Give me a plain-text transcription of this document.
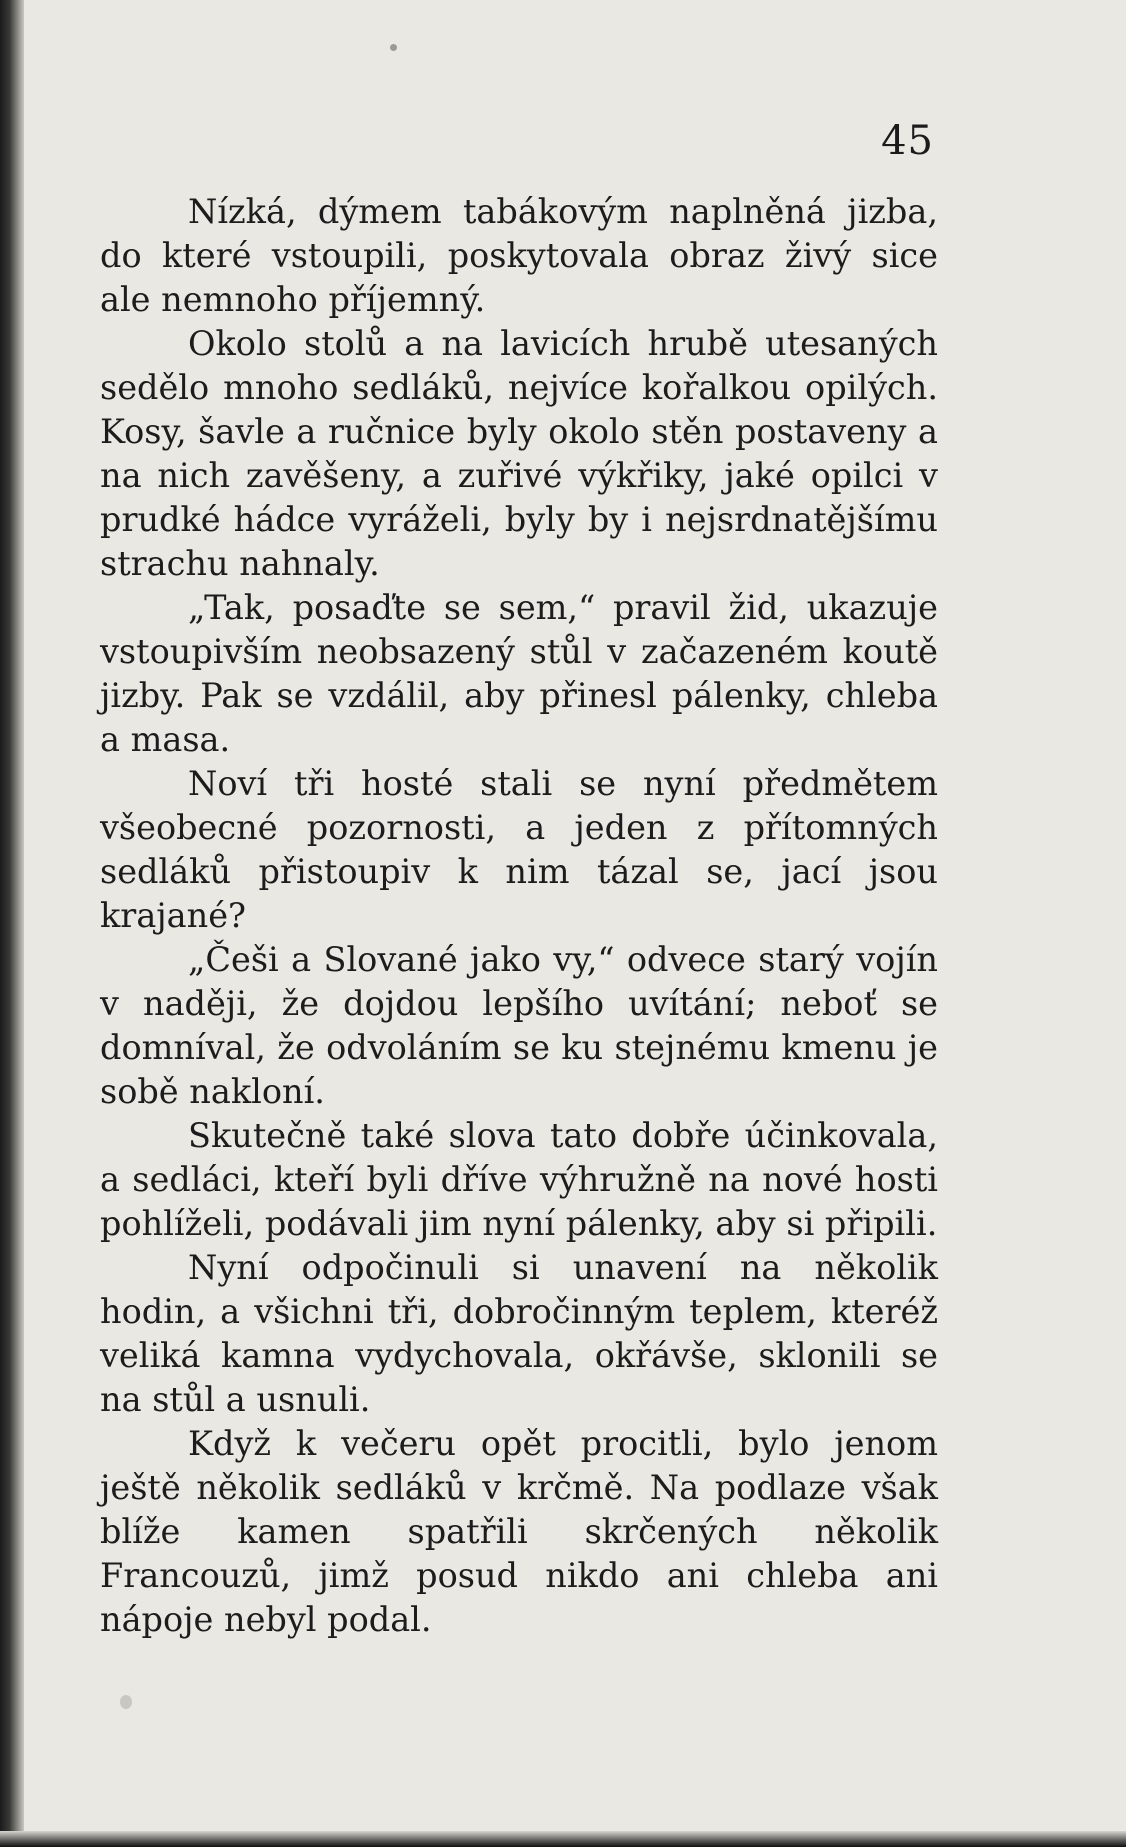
45

Nízká, dýmem tabákovým naplněná jizba, do které vstoupili, poskytovala obraz živý sice ale nemnoho příjemný.

Okolo stolů a na lavicích hrubě utesaných sedělo mnoho sedláků, nejvíce kořalkou opilých. Kosy, šavle a ručnice byly okolo stěn postaveny a na nich zavěšeny, a zuřivé výkřiky, jaké opilci v prudké hádce vyráželi, byly by i nejsrdnatějšímu strachu nahnaly.

„Tak, posaďte se sem,“ pravil žid, ukazuje vstoupivším neobsazený stůl v začazeném koutě jizby. Pak se vzdálil, aby přinesl pálenky, chleba a masa.

Noví tři hosté stali se nyní předmětem všeobecné pozornosti, a jeden z přítomných sedláků přistoupiv k nim tázal se, jací jsou krajané?

„Češi a Slované jako vy,“ odvece starý vojín v naději, že dojdou lepšího uvítání; neboť se domníval, že odvoláním se ku stejnému kmenu je sobě nakloní.

Skutečně také slova tato dobře účinkovala, a sedláci, kteří byli dříve výhružně na nové hosti pohlíželi, podávali jim nyní pálenky, aby si připili.

Nyní odpočinuli si unavení na několik hodin, a všichni tři, dobročinným teplem, kteréž veliká kamna vydychovala, okřávše, sklonili se na stůl a usnuli.

Když k večeru opět procitli, bylo jenom ještě několik sedláků v krčmě. Na podlaze však blíže kamen spatřili skrčených několik Francouzů, jimž posud nikdo ani chleba ani nápoje nebyl podal.
